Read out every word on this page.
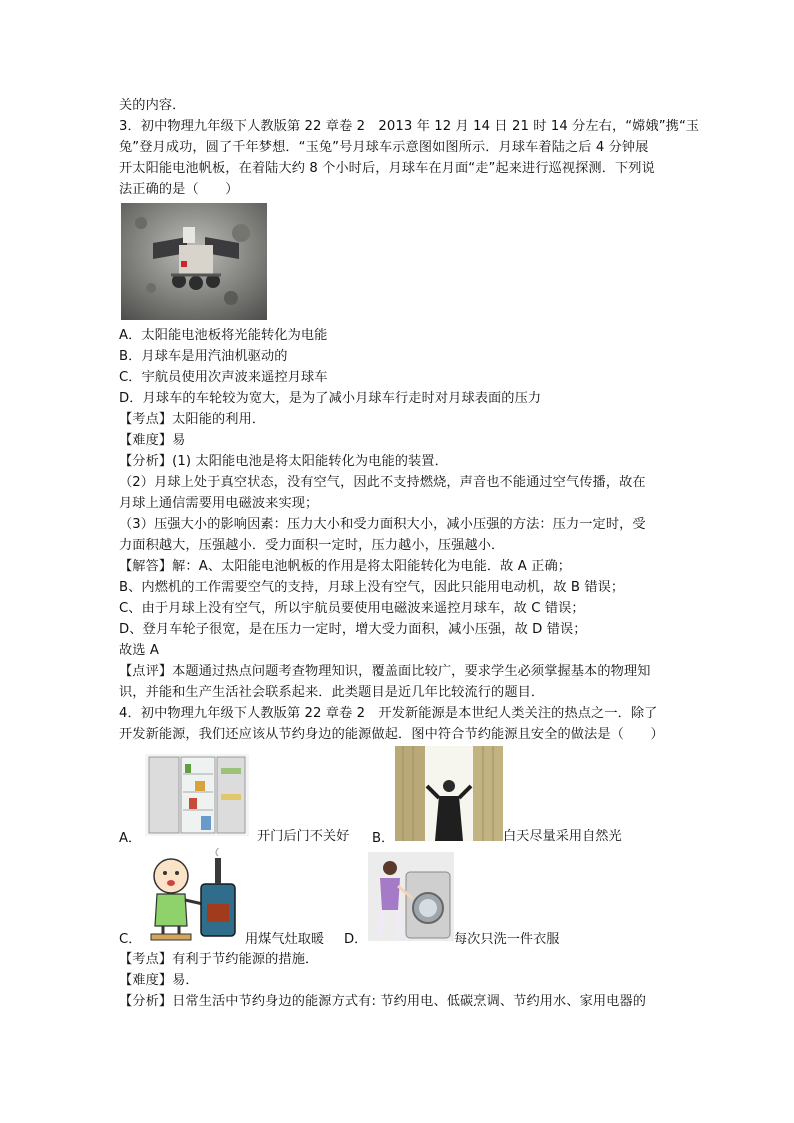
关的内容．
3．初中物理九年级下人教版第 22 章卷 2　2013 年 12 月 14 日 21 时 14 分左右，“嫦娥”携“玉
兔”登月成功，圆了千年梦想．“玉兔”号月球车示意图如图所示．月球车着陆之后 4 分钟展
开太阳能电池帆板，在着陆大约 8 个小时后，月球车在月面“走”起来进行巡视探测．下列说
法正确的是（　　）
A．太阳能电池板将光能转化为电能
B．月球车是用汽油机驱动的
C．宇航员使用次声波来遥控月球车
D．月球车的车轮较为宽大，是为了减小月球车行走时对月球表面的压力
【考点】太阳能的利用．
【难度】易
【分析】(1) 太阳能电池是将太阳能转化为电能的装置．
（2）月球上处于真空状态，没有空气，因此不支持燃烧，声音也不能通过空气传播，故在
月球上通信需要用电磁波来实现；
（3）压强大小的影响因素：压力大小和受力面积大小，减小压强的方法：压力一定时，受
力面积越大，压强越小．受力面积一定时，压力越小，压强越小．
【解答】解：A、太阳能电池帆板的作用是将太阳能转化为电能．故 A 正确；
B、内燃机的工作需要空气的支持，月球上没有空气，因此只能用电动机，故 B 错误；
C、由于月球上没有空气，所以宇航员要使用电磁波来遥控月球车，故 C 错误；
D、登月车轮子很宽，是在压力一定时，增大受力面积，减小压强，故 D 错误；
故选 A
【点评】本题通过热点问题考查物理知识，覆盖面比较广，要求学生必须掌握基本的物理知
识，并能和生产生活社会联系起来．此类题目是近几年比较流行的题目．
4．初中物理九年级下人教版第 22 章卷 2　开发新能源是本世纪人类关注的热点之一．除了
开发新能源，我们还应该从节约身边的能源做起．图中符合节约能源且安全的做法是（　　）
A．	开门后门不关好 B．	白天尽量采用自然光
C．	用煤气灶取暖 D．	每次只洗一件衣服
【考点】有利于节约能源的措施．
【难度】易．
【分析】日常生活中节约身边的能源方式有: 节约用电、低碳烹调、节约用水、家用电器的
